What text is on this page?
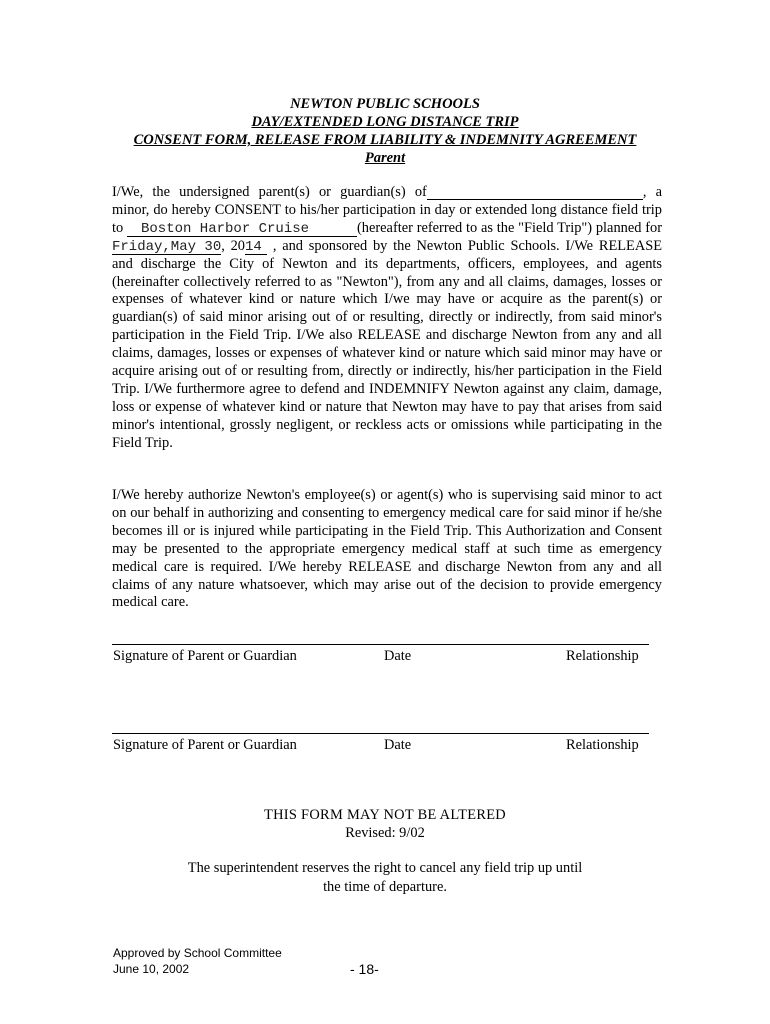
NEWTON PUBLIC SCHOOLS
DAY/EXTENDED LONG DISTANCE TRIP
CONSENT FORM, RELEASE FROM LIABILITY & INDEMNITY AGREEMENT
Parent
I/We, the undersigned parent(s) or guardian(s) of	, a minor, do hereby CONSENT to his/her participation in day or extended long distance field trip to Boston Harbor Cruise	(hereafter referred to as the "Field Trip") planned for Friday,May 30, 2014 , and sponsored by the Newton Public Schools. I/We RELEASE and discharge the City of Newton and its departments, officers, employees, and agents (hereinafter collectively referred to as "Newton"), from any and all claims, damages, losses or expenses of whatever kind or nature which I/we may have or acquire as the parent(s) or guardian(s) of said minor arising out of or resulting, directly or indirectly, from said minor's participation in the Field Trip. I/We also RELEASE and discharge Newton from any and all claims, damages, losses or expenses of whatever kind or nature which said minor may have or acquire arising out of or resulting from, directly or indirectly, his/her participation in the Field Trip. I/We furthermore agree to defend and INDEMNIFY Newton against any claim, damage, loss or expense of whatever kind or nature that Newton may have to pay that arises from said minor's intentional, grossly negligent, or reckless acts or omissions while participating in the Field Trip.
I/We hereby authorize Newton's employee(s) or agent(s) who is supervising said minor to act on our behalf in authorizing and consenting to emergency medical care for said minor if he/she becomes ill or is injured while participating in the Field Trip. This Authorization and Consent may be presented to the appropriate emergency medical staff at such time as emergency medical care is required. I/We hereby RELEASE and discharge Newton from any and all claims of any nature whatsoever, which may arise out of the decision to provide emergency medical care.
Signature of Parent or Guardian	Date	Relationship
Signature of Parent or Guardian	Date	Relationship
THIS FORM MAY NOT BE ALTERED
Revised: 9/02
The superintendent reserves the right to cancel any field trip up until the time of departure.
Approved by School Committee
June 10, 2002	- 18-
